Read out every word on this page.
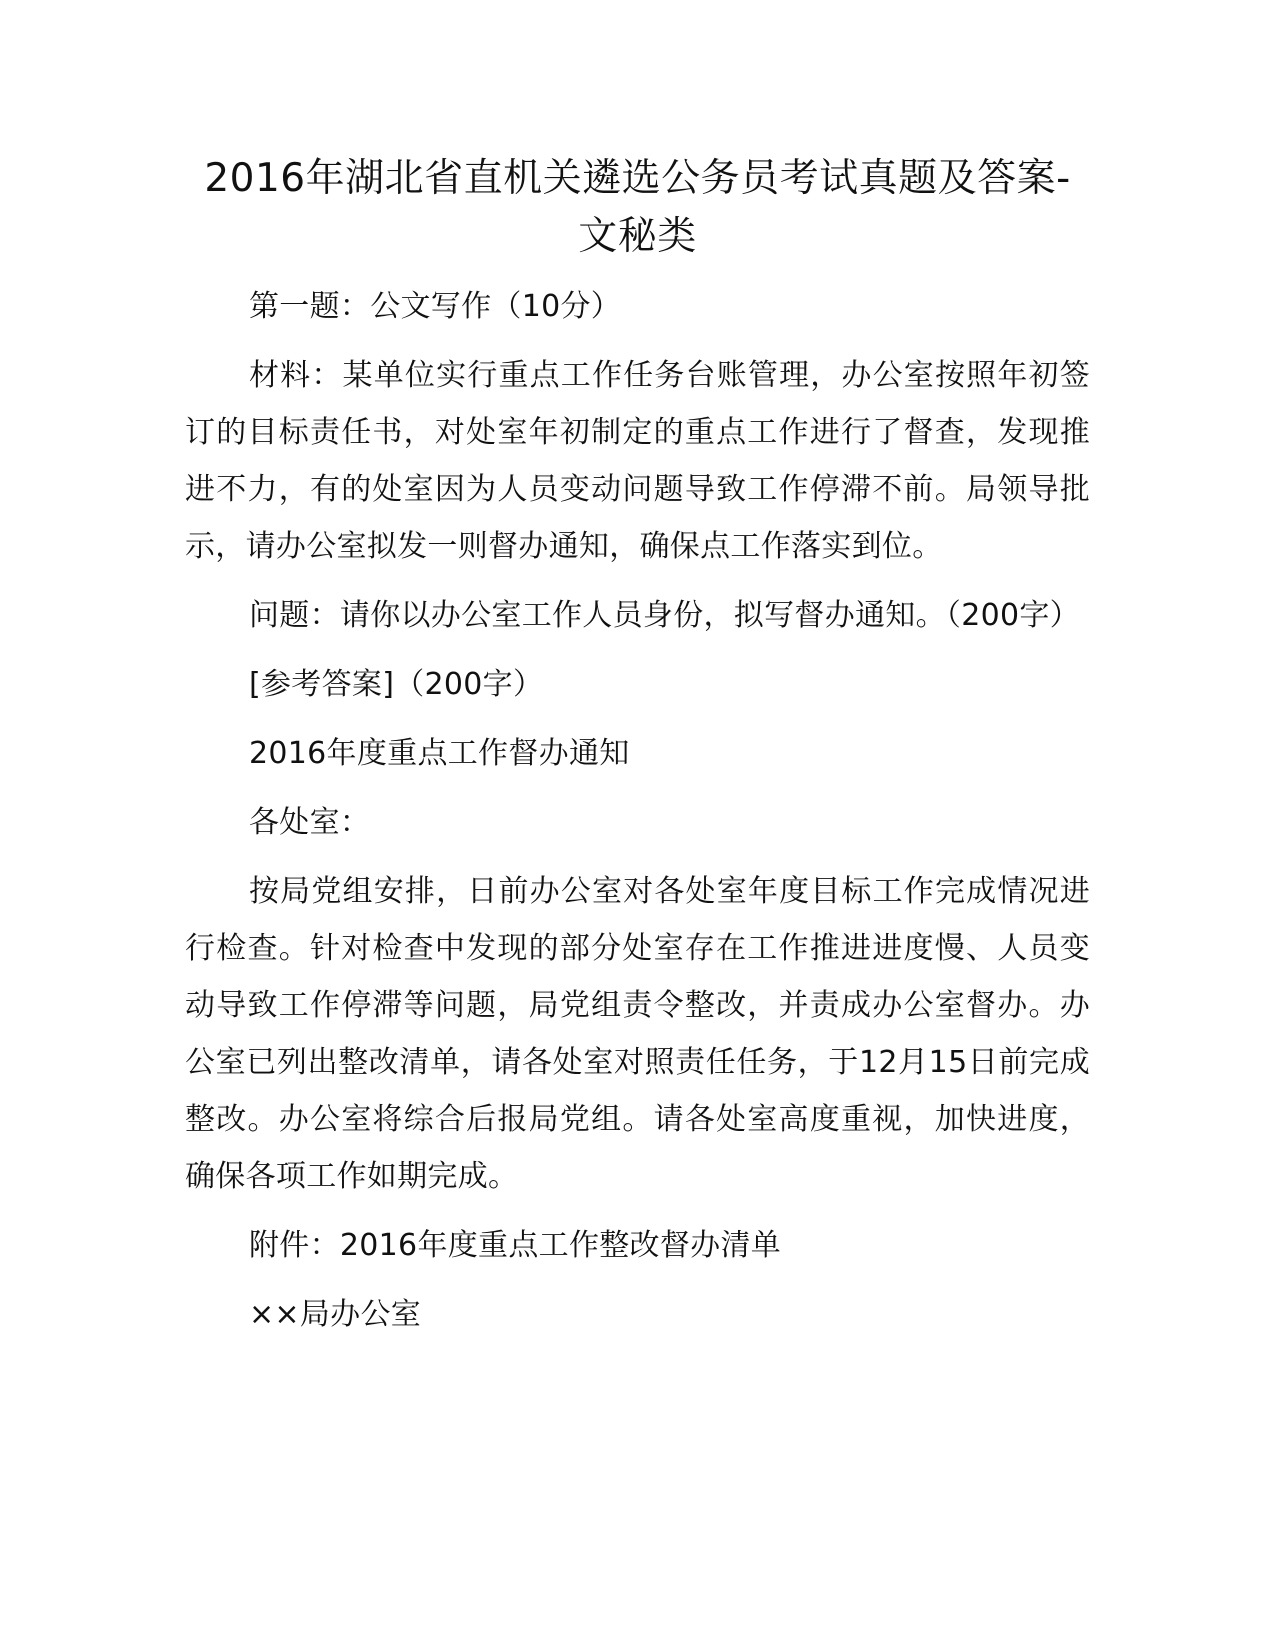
2016年湖北省直机关遴选公务员考试真题及答案-文秘类

第一题：公文写作（10分）

材料：某单位实行重点工作任务台账管理，办公室按照年初签订的目标责任书，对处室年初制定的重点工作进行了督查，发现推进不力，有的处室因为人员变动问题导致工作停滞不前。局领导批示，请办公室拟发一则督办通知，确保点工作落实到位。

问题：请你以办公室工作人员身份，拟写督办通知。（200字）

[参考答案]（200字）

2016年度重点工作督办通知

各处室：

按局党组安排，日前办公室对各处室年度目标工作完成情况进行检查。针对检查中发现的部分处室存在工作推进进度慢、人员变动导致工作停滞等问题，局党组责令整改，并责成办公室督办。办公室已列出整改清单，请各处室对照责任任务，于12月15日前完成整改。办公室将综合后报局党组。请各处室高度重视，加快进度，确保各项工作如期完成。

附件：2016年度重点工作整改督办清单

××局办公室
